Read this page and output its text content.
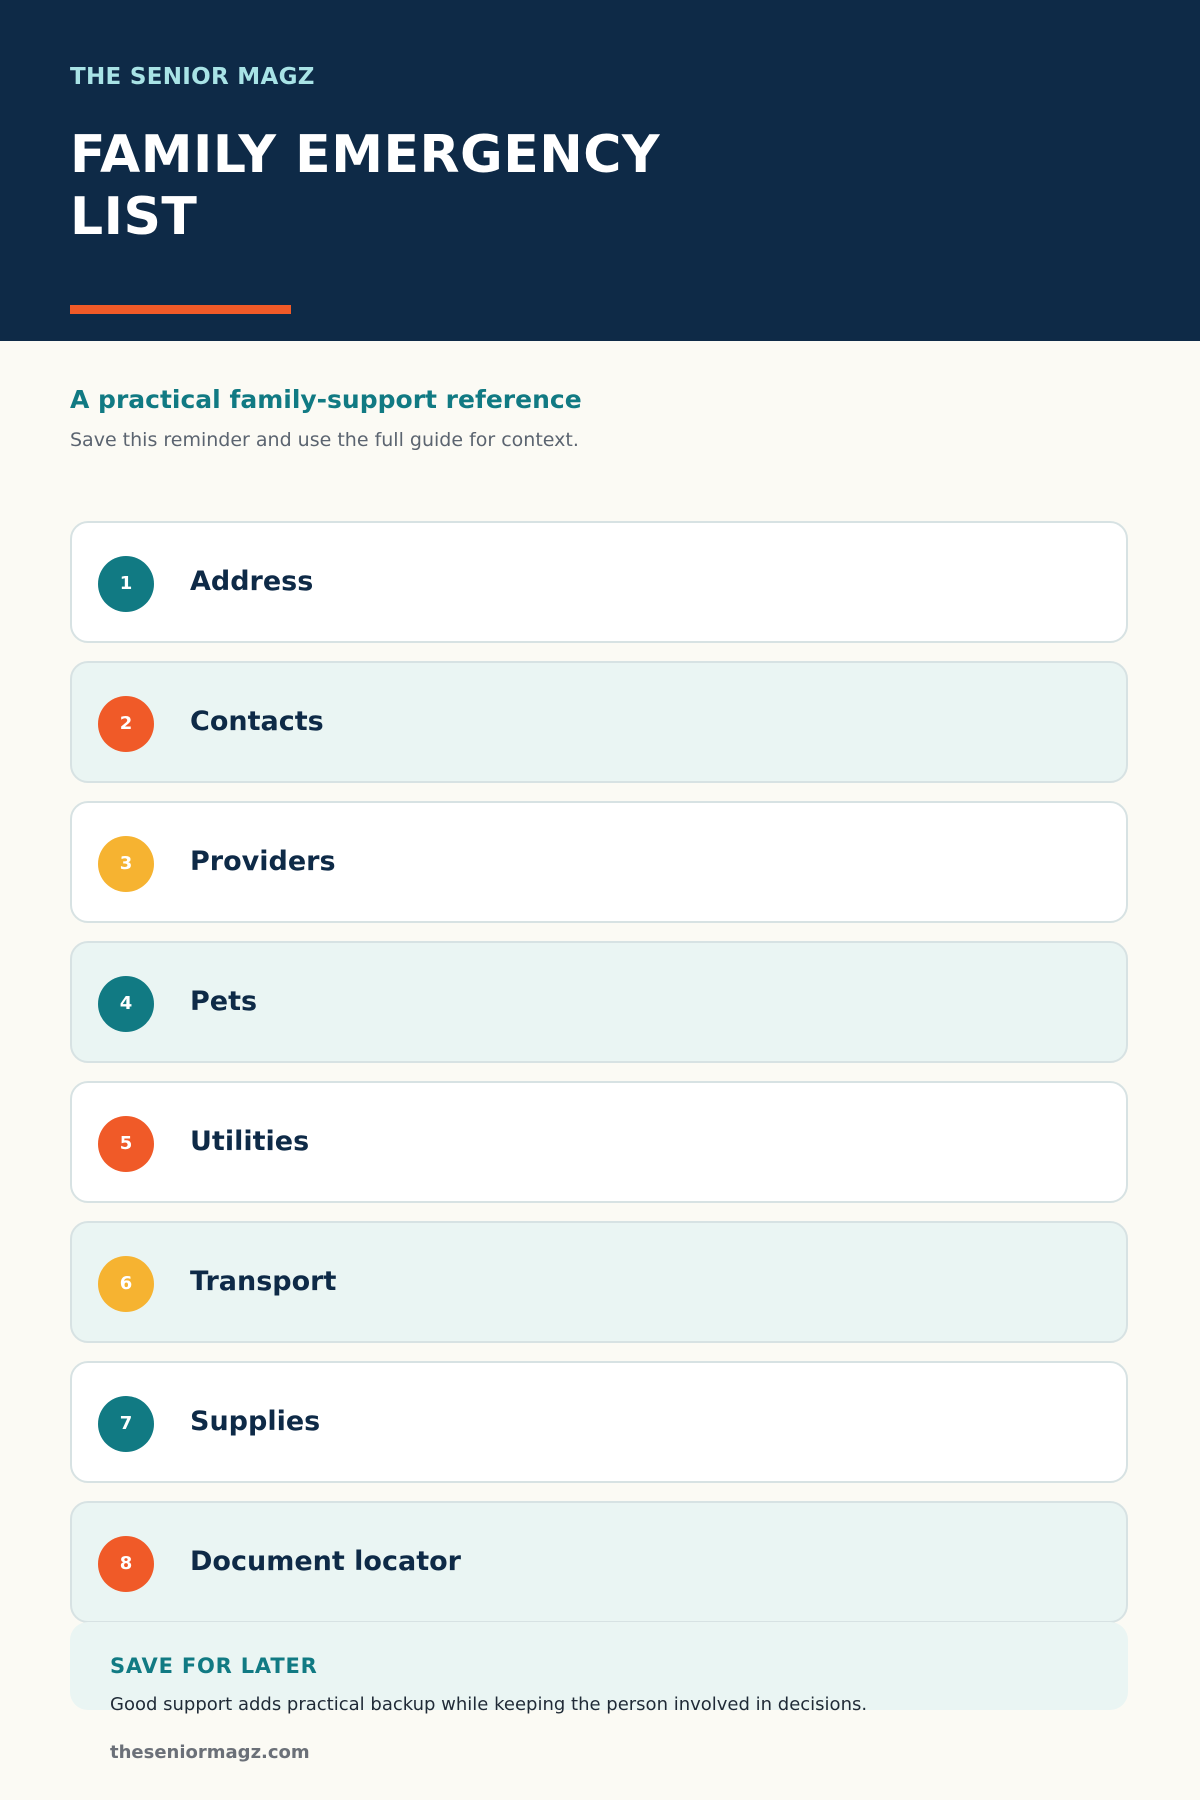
THE SENIOR MAGZ
FAMILY EMERGENCY LIST
A practical family-support reference
Save this reminder and use the full guide for context.
1	Address
2	Contacts
3	Providers
4	Pets
5	Utilities
6	Transport
7	Supplies
8	Document locator
SAVE FOR LATER
Good support adds practical backup while keeping the person involved in decisions.
theseniormagz.com
